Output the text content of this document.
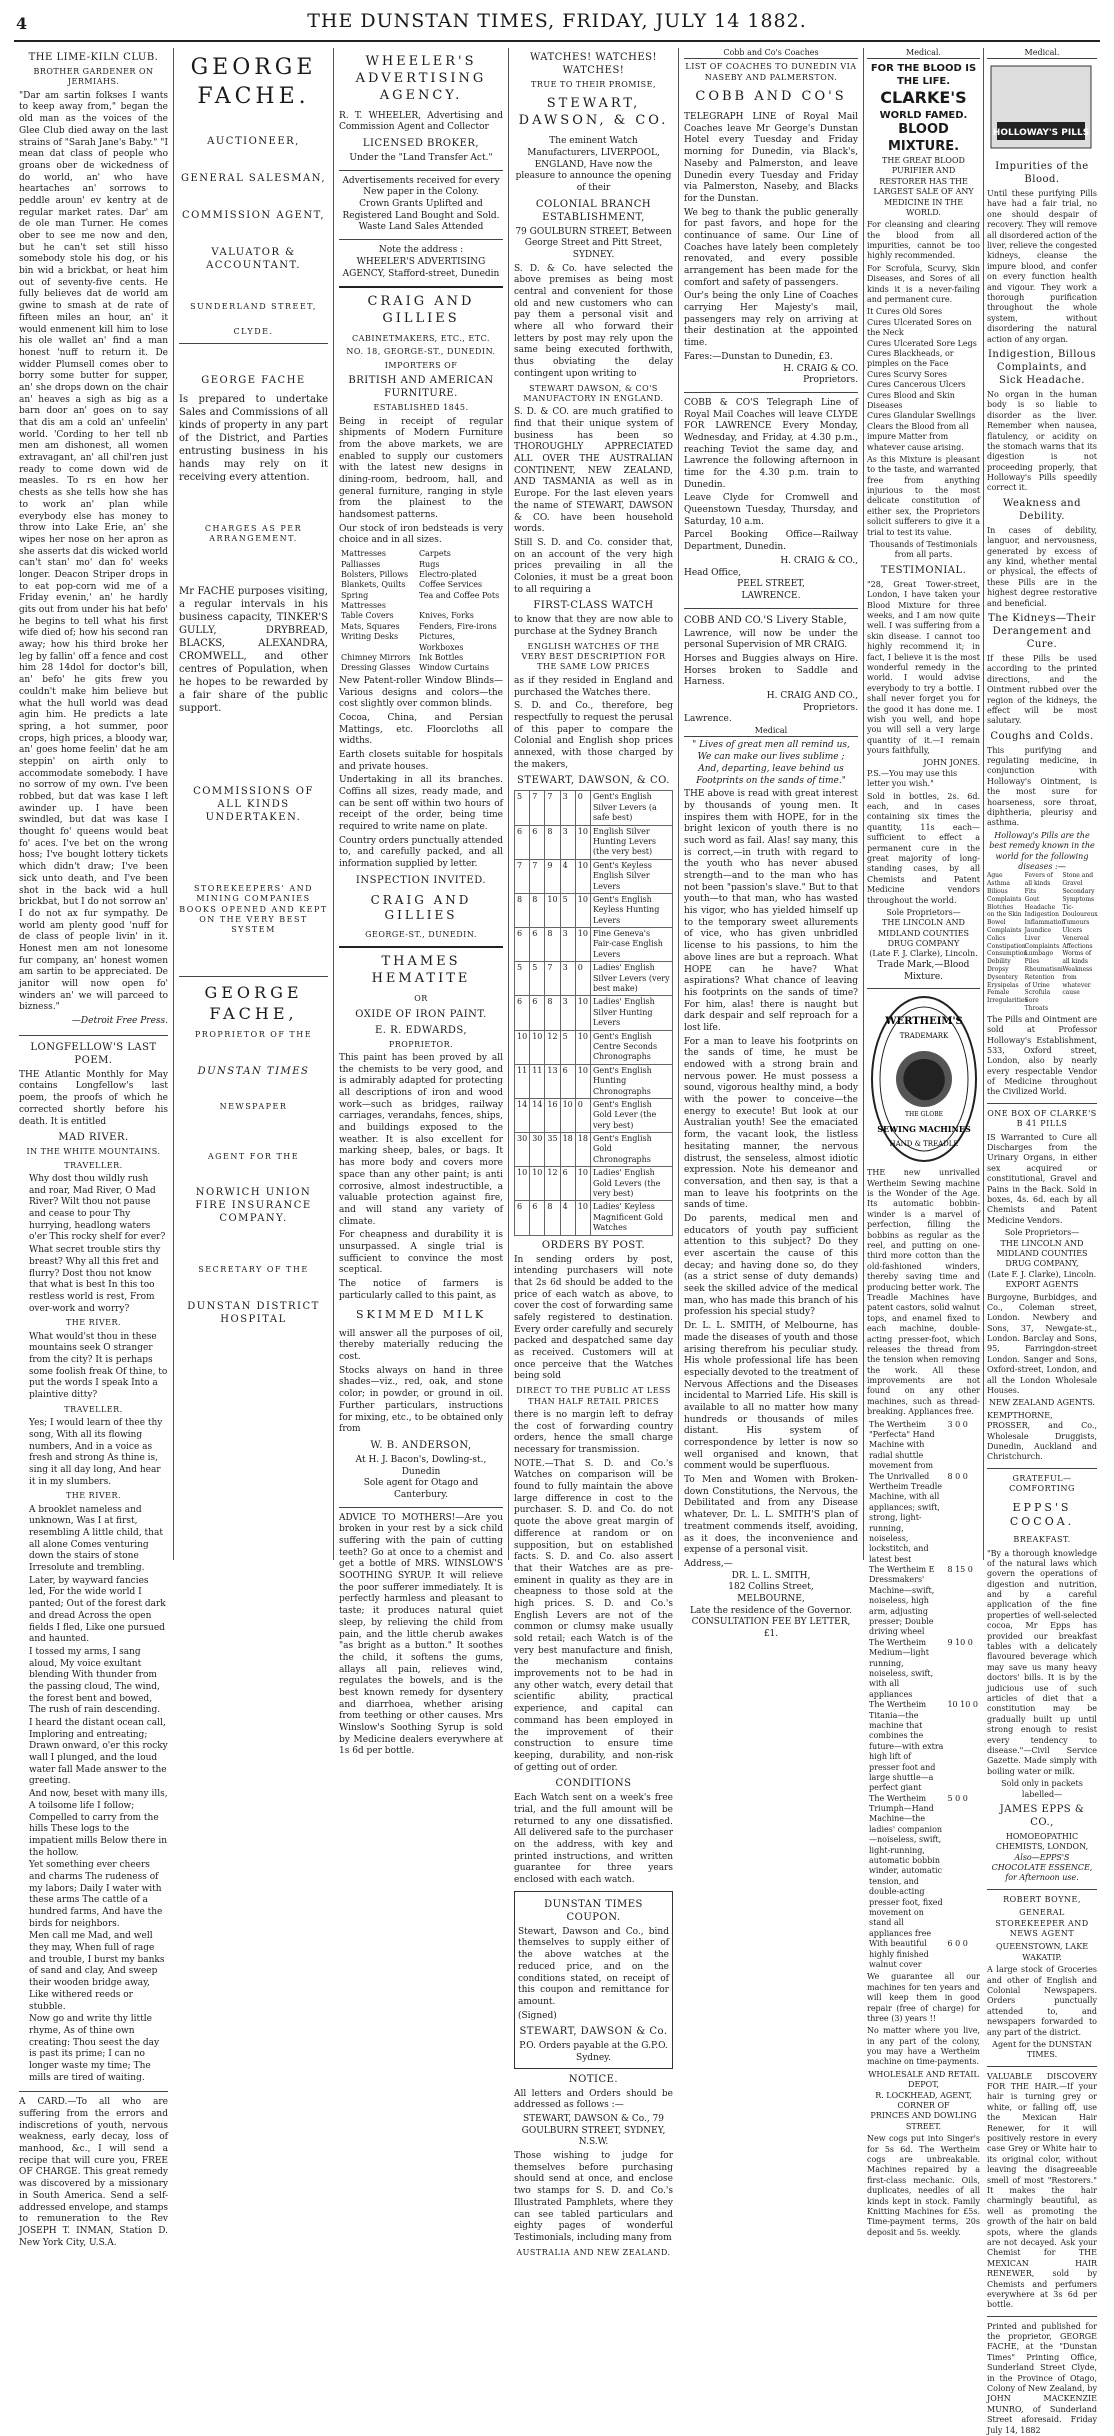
4	THE DUNSTAN TIMES, FRIDAY, JULY 14 1882.
THE LIME-KILN CLUB.
BROTHER GARDENER ON JERMIAHS.
"Dar am sartin folkses I wants to keep away from," began the old man as the voices of the Glee Club died away on the last strains of "Sarah Jane's Baby." "I mean dat class of people who groans ober de wickedness of do world, an' who have heartaches an' sorrows to peddle aroun' ev kentry at de regular market rates. Dar' am de ole man Turner. He comes ober to see me now and den, but he can't set still hisso somebody stole his dog, or his bin wid a brickbat, or heat him out of seventy-five cents. He fully believes dat de world am gwine to smash at de rate of fifteen miles an hour, an' it would enmenent kill him to lose his ole wallet an' find a man honest 'nuff to return it. De widder Plumsell comes ober to borry some butter for supper, an' she drops down on the chair an' heaves a sigh as big as a barn door an' goes on to say that dis am a cold an' unfeelin' world. 'Cording to her tell nb men am dishonest, all women extravagant, an' all chil'ren just ready to come down wid de measles. To rs en how her chests as she tells how she has to work an' plan while everybody else has money to throw into Lake Erie, an' she wipes her nose on her apron as she asserts dat dis wicked world can't stan' mo' dan fo' weeks longer. Deacon Striper drops in to eat pop-corn wid me of a Friday evenin,' an' he hardly gits out from under his hat befo' he begins to tell what his first wife died of; how his second ran away; how his third broke her leg by fallin' off a fence and cost him 28 14dol for doctor's bill, an' befo' he gits frew you couldn't make him believe but what the hull world was dead agin him. He predicts a late spring, a hot summer, poor crops, high prices, a bloody war, an' goes home feelin' dat he am steppin' on airth only to accommodate somebody. I have no sorrow of my own. I've been robbed, but dat was kase I left awinder up. I have been swindled, but dat was kase I thought fo' queens would beat fo' aces. I've bet on the wrong hoss; I've bought lottery tickets which didn't draw; I've been sick unto death, and I've been shot in the back wid a hull brickbat, but I do not sorrow an' I do not ax fur sympathy. De world am plenty good 'nuff for de class of people livin' in it. Honest men am not lonesome fur company, an' honest women am sartin to be appreciated. De janitor will now open fo' winders an' we will parceed to bizness."
—Detroit Free Press.
LONGFELLOW'S LAST POEM.
THE Atlantic Monthly for May contains Longfellow's last poem, the proofs of which he corrected shortly before his death. It is entitled
MAD RIVER.
IN THE WHITE MOUNTAINS.
TRAVELLER.
Why dost thou wildly rush and roar, Mad River, O Mad River? Wilt thou not pause and cease to pour Thy hurrying, headlong waters o'er This rocky shelf for ever?
What secret trouble stirs thy breast? Why all this fret and flurry? Dost thou not know that what is best In this too restless world is rest, From over-work and worry?
THE RIVER.
What would'st thou in these mountains seek O stranger from the city? It is perhaps some foolish freak Of thine, to put the words I speak Into a plaintive ditty?
TRAVELLER.
Yes; I would learn of thee thy song, With all its flowing numbers, And in a voice as fresh and strong As thine is, sing it all day long, And hear it in my slumbers.
THE RIVER.
A brooklet nameless and unknown, Was I at first, resembling A little child, that all alone Comes venturing down the stairs of stone Irresolute and trembling.
Later, by wayward fancies led, For the wide world I panted; Out of the forest dark and dread Across the open fields I fled, Like one pursued and haunted.
I tossed my arms, I sang aloud, My voice exultant blending With thunder from the passing cloud, The wind, the forest bent and bowed, The rush of rain descending.
I heard the distant ocean call, Imploring and entreating; Drawn onward, o'er this rocky wall I plunged, and the loud water fall Made answer to the greeting.
And now, beset with many ills, A toilsome life I follow; Compelled to carry from the hills These logs to the impatient mills Below there in the hollow.
Yet something ever cheers and charms The rudeness of my labors; Daily I water with these arms The cattle of a hundred farms, And have the birds for neighbors.
Men call me Mad, and well they may, When full of rage and trouble, I burst my banks of sand and clay, And sweep their wooden bridge away, Like withered reeds or stubble.
Now go and write thy little rhyme, As of thine own creating: Thou seest the day is past its prime; I can no longer waste my time; The mills are tired of waiting.
A CARD.—To all who are suffering from the errors and indiscretions of youth, nervous weakness, early decay, loss of manhood, &c., I will send a recipe that will cure you, FREE OF CHARGE. This great remedy was discovered by a missionary in South America. Send a self-addressed envelope, and stamps to remuneration to the Rev JOSEPH T. INMAN, Station D. New York City, U.S.A.
GEORGE FACHE.
AUCTIONEER,
GENERAL SALESMAN,
COMMISSION AGENT,
VALUATOR & ACCOUNTANT.
SUNDERLAND STREET,
CLYDE.
GEORGE FACHE
Is prepared to undertake Sales and Commissions of all kinds of property in any part of the District, and Parties entrusting business in his hands may rely on it receiving every attention.
CHARGES AS PER ARRANGEMENT.
Mr FACHE purposes visiting, a regular intervals in his business capacity, TINKER'S GULLY, DRYBREAD, BLACKS, ALEXANDRA, CROMWELL, and other centres of Population, when he hopes to be rewarded by a fair share of the public support.
COMMISSIONS OF ALL KINDS UNDERTAKEN.
STOREKEEPERS' AND MINING COMPANIES BOOKS OPENED AND KEPT ON THE VERY BEST SYSTEM
GEORGE FACHE,
PROPRIETOR OF THE
DUNSTAN TIMES
NEWSPAPER
AGENT FOR THE
NORWICH UNION FIRE INSURANCE COMPANY.
SECRETARY OF THE
DUNSTAN DISTRICT HOSPITAL
WHEELER'S ADVERTISING AGENCY.
R. T. WHEELER, Advertising and Commission Agent and Collector
LICENSED BROKER,
Under the "Land Transfer Act."
Advertisements received for every New paper in the Colony.
Crown Grants Uplifted and Registered Land Bought and Sold. Waste Land Sales Attended
Note the address :
WHEELER'S ADVERTISING AGENCY, Stafford-street, Dunedin
CRAIG AND GILLIES
CABINETMAKERS, ETC., ETC.
NO. 18, GEORGE-ST., DUNEDIN.
IMPORTERS OF
BRITISH AND AMERICAN FURNITURE.
ESTABLISHED 1845.
Being in receipt of regular shipments of Modern Furniture from the above markets, we are enabled to supply our customers with the latest new designs in dining-room, bedroom, hall, and general furniture, ranging in style from the plainest to the handsomest patterns.
Our stock of iron bedsteads is very choice and in all sizes.
Mattresses	Carpets
Palliasses	Rugs
Bolsters, Pillows	Electro-plated
Blankets, Quilts	Coffee Services
Spring Mattresses	Tea and Coffee Pots
Table Covers	Knives, Forks
Mats, Squares	Fenders, Fire-irons
Writing Desks	Pictures, Workboxes
Chimney Mirrors	Ink Bottles
Dressing Glasses	Window Curtains
New Patent-roller Window Blinds—Various designs and colors—the cost slightly over common blinds.
Cocoa, China, and Persian Mattings, etc. Floorcloths all widths.
Earth closets suitable for hospitals and private houses.
Undertaking in all its branches. Coffins all sizes, ready made, and can be sent off within two hours of receipt of the order, being time required to write name on plate.
Country orders punctually attended to, and carefully packed, and all information supplied by letter.
INSPECTION INVITED.
CRAIG AND GILLIES
GEORGE-ST., DUNEDIN.
THAMES HEMATITE
OR
OXIDE OF IRON PAINT.
E. R. EDWARDS,
PROPRIETOR.
This paint has been proved by all the chemists to be very good, and is admirably adapted for protecting all descriptions of iron and wood work—such as bridges, railway carriages, verandahs, fences, ships, and buildings exposed to the weather. It is also excellent for marking sheep, bales, or bags. It has more body and covers more space than any other paint; is anti corrosive, almost indestructible, a valuable protection against fire, and will stand any variety of climate.
For cheapness and durability it is unsurpassed. A single trial is sufficient to convince the most sceptical.
The notice of farmers is particularly called to this paint, as
SKIMMED MILK
will answer all the purposes of oil, thereby materially reducing the cost.
Stocks always on hand in three shades—viz., red, oak, and stone color; in powder, or ground in oil. Further particulars, instructions for mixing, etc., to be obtained only from
W. B. ANDERSON,
At H. J. Bacon's, Dowling-st., Dunedin
Sole agent for Otago and Canterbury.
ADVICE TO MOTHERS!—Are you broken in your rest by a sick child suffering with the pain of cutting teeth? Go at once to a chemist and get a bottle of MRS. WINSLOW'S SOOTHING SYRUP. It will relieve the poor sufferer immediately. It is perfectly harmless and pleasant to taste; it produces natural quiet sleep, by relieving the child from pain, and the little cherub awakes "as bright as a button." It soothes the child, it softens the gums, allays all pain, relieves wind, regulates the bowels, and is the best known remedy for dysentery and diarrhoea, whether arising from teething or other causes. Mrs Winslow's Soothing Syrup is sold by Medicine dealers everywhere at 1s 6d per bottle.
WATCHES! WATCHES! WATCHES!
TRUE TO THEIR PROMISE,
STEWART, DAWSON, & CO.
The eminent Watch Manufacturers, LIVERPOOL, ENGLAND, Have now the pleasure to announce the opening of their
COLONIAL BRANCH ESTABLISHMENT,
79 GOULBURN STREET, Between George Street and Pitt Street, SYDNEY.
S. D. & Co. have selected the above premises as being most central and convenient for those old and new customers who can pay them a personal visit and where all who forward their letters by post may rely upon the same being executed forthwith, thus obviating the delay contingent upon writing to
STEWART DAWSON, & CO'S MANUFACTORY IN ENGLAND.
S. D. & CO. are much gratified to find that their unique system of business has been so THOROUGHLY APPRECIATED ALL OVER THE AUSTRALIAN CONTINENT, NEW ZEALAND, AND TASMANIA as well as in Europe. For the last eleven years the name of STEWART, DAWSON & CO. have been household words.
Still S. D. and Co. consider that, on an account of the very high prices prevailing in all the Colonies, it must be a great boon to all requiring a
FIRST-CLASS WATCH
to know that they are now able to purchase at the Sydney Branch
ENGLISH WATCHES OF THE VERY BEST DESCRIPTION FOR THE SAME LOW PRICES
as if they resided in England and purchased the Watches there.
S. D. and Co., therefore, beg respectfully to request the perusal of this paper to compare the Colonial and English shop prices annexed, with those charged by the makers,
STEWART, DAWSON, & CO.
5	7	7	3	0	Gent's English Silver Levers (a safe best)
6	6	8	3	10	English Silver Hunting Levers (the very best)
7	7	9	4	10	Gent's Keyless English Silver Levers
8	8	10	5	10	Gent's English Keyless Hunting Levers
6	6	8	3	10	Fine Geneva's Fair-case English Levers
5	5	7	3	0	Ladies' English Silver Levers (very best make)
6	6	8	3	10	Ladies' English Silver Hunting Levers
10	10	12	5	10	Gent's English Centre Seconds Chronographs
11	11	13	6	10	Gent's English Hunting Chronographs
14	14	16	10	0	Gent's English Gold Lever (the very best)
30	30	35	18	18	Gent's English Gold Chronographs
10	10	12	6	10	Ladies' English Gold Levers (the very best)
6	6	8	4	10	Ladies' Keyless Magnificent Gold Watches
ORDERS BY POST.
In sending orders by post, intending purchasers will note that 2s 6d should be added to the price of each watch as above, to cover the cost of forwarding same safely registered to destination. Every order carefully and securely packed and despatched same day as received. Customers will at once perceive that the Watches being sold
DIRECT TO THE PUBLIC AT LESS THAN HALF RETAIL PRICES
there is no margin left to defray the cost of forwarding country orders, hence the small charge necessary for transmission.
NOTE.—That S. D. and Co.'s Watches on comparison will be found to fully maintain the above large difference in cost to the purchaser. S. D. and Co. do not quote the above great margin of difference at random or on supposition, but on established facts. S. D. and Co. also assert that their Watches are as pre-eminent in quality as they are in cheapness to those sold at the high prices. S. D. and Co.'s English Levers are not of the common or clumsy make usually sold retail; each Watch is of the very best manufacture and finish, the mechanism contains improvements not to be had in any other watch, every detail that scientific ability, practical experience, and capital can command has been employed in the improvement of their construction to ensure time keeping, durability, and non-risk of getting out of order.
CONDITIONS
Each Watch sent on a week's free trial, and the full amount will be returned to any one dissatisfied. All delivered safe to the purchaser on the address, with key and printed instructions, and written guarantee for three years enclosed with each watch.
DUNSTAN TIMES COUPON.
Stewart, Dawson and Co., bind themselves to supply either of the above watches at the reduced price, and on the conditions stated, on receipt of this coupon and remittance for amount.
(Signed)
STEWART, DAWSON & Co.
P.O. Orders payable at the G.P.O. Sydney.
NOTICE.
All letters and Orders should be addressed as follows :—
STEWART, DAWSON & Co., 79 GOULBURN STREET, SYDNEY, N.S.W.
Those wishing to judge for themselves before purchasing should send at once, and enclose two stamps for S. D. and Co.'s Illustrated Pamphlets, where they can see tabled particulars and eighty pages of wonderful Testimonials, including many from
AUSTRALIA AND NEW ZEALAND.
Cobb and Co's Coaches
LIST OF COACHES TO DUNEDIN VIA NASEBY AND PALMERSTON.
COBB AND CO'S
TELEGRAPH LINE of Royal Mail Coaches leave Mr George's Dunstan Hotel every Tuesday and Friday morning for Dunedin, via Black's, Naseby and Palmerston, and leave Dunedin every Tuesday and Friday via Palmerston, Naseby, and Blacks for the Dunstan.
We beg to thank the public generally for past favors, and hope for the continuance of same. Our Line of Coaches have lately been completely renovated, and every possible arrangement has been made for the comfort and safety of passengers.
Our's being the only Line of Coaches carrying Her Majesty's mail, passengers may rely on arriving at their destination at the appointed time.
Fares:—Dunstan to Dunedin, £3.
H. CRAIG & CO.
Proprietors.
COBB & CO'S Telegraph Line of Royal Mail Coaches will leave CLYDE FOR LAWRENCE Every Monday, Wednesday, and Friday, at 4.30 p.m., reaching Teviot the same day, and Lawrence the following afternoon in time for the 4.30 p.m. train to Dunedin.
Leave Clyde for Cromwell and Queenstown Tuesday, Thursday, and Saturday, 10 a.m.
Parcel Booking Office—Railway Department, Dunedin.
H. CRAIG & CO.,
Head Office,
PEEL STREET,
LAWRENCE.
COBB AND CO.'S Livery Stable,
Lawrence, will now be under the personal Supervision of MR CRAIG.
Horses and Buggies always on Hire. Horses broken to Saddle and Harness.
H. CRAIG AND CO.,
Proprietors.
Lawrence.
Medical
" Lives of great men all remind us, We can make our lives sublime ;
And, departing, leave behind us Footprints on the sands of time."
THE above is read with great interest by thousands of young men. It inspires them with HOPE, for in the bright lexicon of youth there is no such word as fail. Alas! say many, this is correct,—in truth with regard to the youth who has never abused strength—and to the man who has not been "passion's slave." But to that youth—to that man, who has wasted his vigor, who has yielded himself up to the temporary sweet allurements of vice, who has given unbridled license to his passions, to him the above lines are but a reproach. What HOPE can he have? What aspirations? What chance of leaving his footprints on the sands of time? For him, alas! there is naught but dark despair and self reproach for a lost life.
For a man to leave his footprints on the sands of time, he must be endowed with a strong brain and nervous power. He must possess a sound, vigorous healthy mind, a body with the power to conceive—the energy to execute! But look at our Australian youth! See the emaciated form, the vacant look, the listless hesitating manner, the nervous distrust, the senseless, almost idiotic expression. Note his demeanor and conversation, and then say, is that a man to leave his footprints on the sands of time.
Do parents, medical men and educators of youth pay sufficient attention to this subject? Do they ever ascertain the cause of this decay; and having done so, do they (as a strict sense of duty demands) seek the skilled advice of the medical man, who has made this branch of his profession his special study?
Dr. L. L. SMITH, of Melbourne, has made the diseases of youth and those arising therefrom his peculiar study. His whole professional life has been especially devoted to the treatment of Nervous Affections and the Diseases incidental to Married Life. His skill is available to all no matter how many hundreds or thousands of miles distant. His system of correspondence by letter is now so well organised and known, that comment would be superfluous.
To Men and Women with Broken-down Constitutions, the Nervous, the Debilitated and from any Disease whatever, Dr. L. L. SMITH'S plan of treatment commends itself, avoiding, as it does, the inconvenience and expense of a personal visit.
Address,—
DR. L. L. SMITH,
182 Collins Street,
MELBOURNE,
Late the residence of the Governor.
CONSULTATION FEE BY LETTER, £1.
Medical.
FOR THE BLOOD IS THE LIFE.
CLARKE'S
WORLD FAMED.
BLOOD MIXTURE.
THE GREAT BLOOD PURIFIER AND RESTORER HAS THE LARGEST SALE OF ANY MEDICINE IN THE WORLD.
For cleansing and clearing the blood from all impurities, cannot be too highly recommended.
For Scrofula, Scurvy, Skin Diseases, and Sores of all kinds it is a never-failing and permanent cure.
It Cures Old Sores
Cures Ulcerated Sores on the Neck
Cures Ulcerated Sore Legs
Cures Blackheads, or pimples on the Face
Cures Scurvy Sores
Cures Cancerous Ulcers
Cures Blood and Skin Diseases
Cures Glandular Swellings
Clears the Blood from all impure Matter from whatever cause arising.
As this Mixture is pleasant to the taste, and warranted free from anything injurious to the most delicate constitution of either sex, the Proprietors solicit sufferers to give it a trial to test its value.
Thousands of Testimonials from all parts.
TESTIMONIAL.
"28, Great Tower-street, London, I have taken your Blood Mixture for three weeks, and I am now quite well. I was suffering from a skin disease. I cannot too highly recommend it; in fact, I believe it is the most wonderful remedy in the world. I would advise everybody to try a bottle. I shall never forget you for the good it has done me. I wish you well, and hope you will sell a very large quantity of it.—I remain yours faithfully,
JOHN JONES.
P.S.—You may use this letter you wish."
Sold in bottles, 2s. 6d. each, and in cases containing six times the quantity, 11s each—sufficient to effect a permanent cure in the great majority of long-standing cases, by all Chemists and Patent Medicine vendors throughout the world.
Sole Proprietors—
THE LINCOLN AND MIDLAND COUNTIES DRUG COMPANY
(Late F. J. Clarke), Lincoln.
Trade Mark,—Blood Mixture.
WERTHEIM'S
TRADEMARK
THE GLOBE
SEWING MACHINES
HAND & TREADLE
THE new unrivalled Wertheim Sewing machine is the Wonder of the Age. Its automatic bobbin-winder is a marvel of perfection, filling the bobbins as regular as the reel, and putting on one-third more cotton than the old-fashioned winders, thereby saving time and producing better work. The Treadle Machines have patent castors, solid walnut tops, and enamel fixed to each machine, double-acting presser-foot, which releases the thread from the tension when removing the work. All these improvements are not found on any other machines, such as thread-breaking. Appliances free.
The Wertheim "Perfecta" Hand Machine with radial shuttle movement from	3 0 0
The Unrivalled Wertheim Treadle Machine, with all appliances; swift, strong, light-running, noiseless, lockstitch, and latest best	8 0 0
The Wertheim E Dressmakers' Machine—swift, noiseless, high arm, adjusting presser; Double driving wheel	8 15 0
The Wertheim Medium—light running, noiseless, swift, with all appliances	9 10 0
The Wertheim Titania—the machine that combines the future—with extra high lift of presser foot and large shuttle—a perfect giant	10 10 0
The Wertheim Triumph—Hand Machine—the ladies' companion—noiseless, swift, light-running, automatic bobbin winder, automatic tension, and double-acting presser foot, fixed movement on stand all appliances free	5 0 0
With beautiful highly finished walnut cover	6 0 0
We guarantee all our machines for ten years and will keep them in good repair (free of charge) for three (3) years !!
No matter where you live, in any part of the colony, you may have a Wertheim machine on time-payments.
WHOLESALE AND RETAIL DEPOT,
R. LOCKHEAD, AGENT,
CORNER OF
PRINCES AND DOWLING STREET.
New cogs put into Singer's for 5s 6d. The Wertheim cogs are unbreakable. Machines repaired by a first-class mechanic. Oils, duplicates, needles of all kinds kept in stock. Family Knitting Machines for £5s. Time-payment terms, 20s deposit and 5s. weekly.
Medical.
HOLLOWAY'S PILLS
Impurities of the Blood.
Until these purifying Pills have had a fair trial, no one should despair of recovery. They will remove all disordered action of the liver, relieve the congested kidneys, cleanse the impure blood, and confer on every function health and vigour. They work a thorough purification throughout the whole system, without disordering the natural action of any organ.
Indigestion, Billous Complaints, and Sick Headache.
No organ in the human body is so liable to disorder as the liver. Remember when nausea, flatulency, or acidity on the stomach warns that its digestion is not proceeding properly, that Holloway's Pills speedily correct it.
Weakness and Debility.
In cases of debility, languor, and nervousness, generated by excess of any kind, whether mental or physical, the effects of these Pills are in the highest degree restorative and beneficial.
The Kidneys—Their Derangement and Cure.
If these Pills be used according to the printed directions, and the Ointment rubbed over the region of the kidneys, the effect will be most salutary.
Coughs and Colds.
This purifying and regulating medicine, in conjunction with Holloway's Ointment, is the most sure for hoarseness, sore throat, diphtheria, pleurisy and asthma.
Holloway's Pills are the best remedy known in the world for the following diseases :—
Ague
Asthma
Bilious Complaints
Blotches on the Skin
Bowel Complaints
Colics
Constipation
Consumption
Debility
Dropsy
Dysentery
Erysipelas
Female Irregularities
Fevers of all kinds
Fits
Gout
Headache
Indigestion
Inflammation
Jaundice
Liver Complaints
Lumbago
Piles
Rheumatism
Retention of Urine
Scrofula
Sore Throats
Stone and Gravel
Secondary Symptoms
Tic-Douloureux
Tumours
Ulcers
Venereal Affections
Worms of all kinds
Weakness from whatever cause
The Pills and Ointment are sold at Professor Holloway's Establishment, 533, Oxford street, London, also by nearly every respectable Vendor of Medicine throughout the Civilized World.
ONE BOX OF CLARKE'S B 41 PILLS
IS Warranted to Cure all Discharges from the Urinary Organs, in either sex acquired or constitutional, Gravel and Pains in the Back. Sold in boxes, 4s. 6d. each by all Chemists and Patent Medicine Vendors.
Sole Proprietors—
THE LINCOLN AND MIDLAND COUNTIES DRUG COMPANY,
(Late F. J. Clarke), Lincoln.
EXPORT AGENTS
Burgoyne, Burbidges, and Co., Coleman street, London. Newbery and Sons, 37, Newgate-st., London. Barclay and Sons, 95, Farringdon-street London. Sanger and Sons, Oxford-street, London, and all the London Wholesale Houses.
NEW ZEALAND AGENTS.
KEMPTHORNE, PROSSER, and Co., Wholesale Druggists, Dunedin, Auckland and Christchurch.
GRATEFUL—COMFORTING
EPPS'S COCOA.
BREAKFAST.
"By a thorough knowledge of the natural laws which govern the operations of digestion and nutrition, and by a careful application of the fine properties of well-selected cocoa, Mr Epps has provided our breakfast tables with a delicately flavoured beverage which may save us many heavy doctors' bills. It is by the judicious use of such articles of diet that a constitution may be gradually built up until strong enough to resist every tendency to disease."—Civil Service Gazette. Made simply with boiling water or milk.
Sold only in packets labelled—
JAMES EPPS & CO.,
HOMOEOPATHIC CHEMISTS, LONDON,
Also—EPPS'S CHOCOLATE ESSENCE, for Afternoon use.
ROBERT BOYNE,
GENERAL STOREKEEPER AND NEWS AGENT
QUEENSTOWN, LAKE WAKATIP.
A large stock of Groceries and other of English and Colonial Newspapers. Orders punctually attended to, and newspapers forwarded to any part of the district.
Agent for the DUNSTAN TIMES.
VALUABLE DISCOVERY FOR THE HAIR.—If your hair is turning grey or white, or falling off, use the Mexican Hair Renewer, for it will positively restore in every case Grey or White hair to its original color, without leaving the disagreeable smell of most "Restorers." It makes the hair charmingly beautiful, as well as promoting the growth of the hair on bald spots, where the glands are not decayed. Ask your Chemist for THE MEXICAN HAIR RENEWER, sold by Chemists and perfumers everywhere at 3s 6d per bottle.
Printed and published for the proprietor, GEORGE FACHE, at the "Dunstan Times" Printing Office, Sunderland Street Clyde, in the Province of Otago, Colony of New Zealand, by JOHN MACKENZIE MUNRO, of Sunderland Street aforesaid. Friday July 14, 1882
